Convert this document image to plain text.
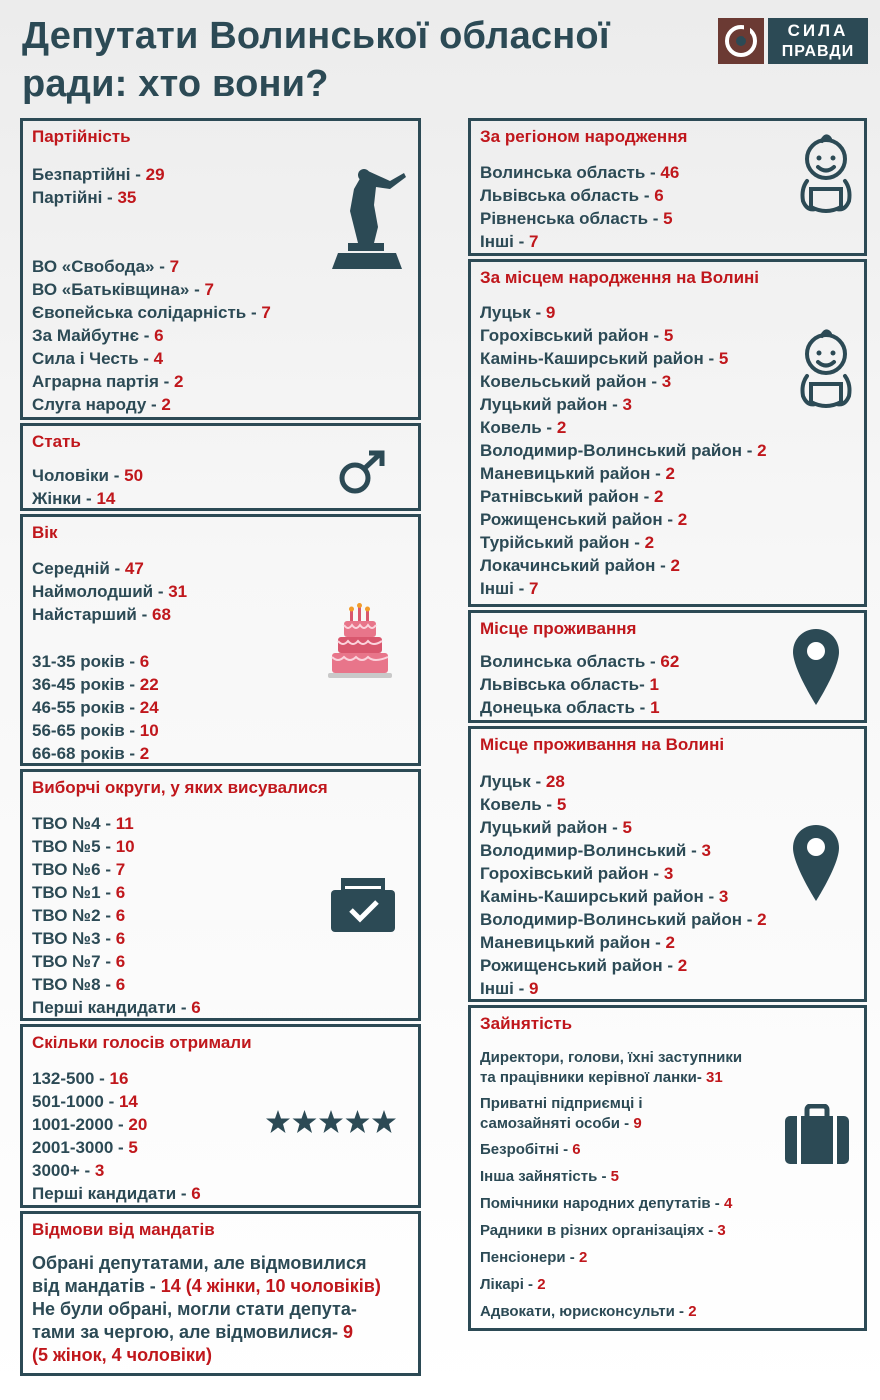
Депутати Волинської обласної ради: хто вони?
СИЛА
ПРАВДИ
Партійність
Безпартійні - 29
Партійні - 35
ВО «Свобода» - 7
ВО «Батьківщина» - 7
Євопейська солідарність - 7
За Майбутнє - 6
Сила і Честь - 4
Аграрна партія - 2
Слуга народу - 2
Стать
Чоловіки - 50
Жінки - 14
Вік
Середній - 47
Наймолодший - 31
Найстарший - 68
31-35 років - 6
36-45 років - 22
46-55 років - 24
56-65 років - 10
66-68 років - 2
Виборчі округи, у яких висувалися
ТВО №4 - 11
ТВО №5 - 10
ТВО №6 - 7
ТВО №1 - 6
ТВО №2 - 6
ТВО №3 - 6
ТВО №7 - 6
ТВО №8 - 6
Перші кандидати - 6
Скільки голосів отримали
132-500 - 16
501-1000 - 14
1001-2000 - 20
2001-3000 - 5
3000+ - 3
Перші кандидати - 6
Відмови від мандатів
Обрані депутатами, але відмовилися
від мандатів - 14 (4 жінки, 10 чоловіків)
Не були обрані, могли стати депута-
тами за чергою, але відмовилися- 9
(5 жінок, 4 чоловіки)
За регіоном народження
Волинська область - 46
Львівська область - 6
Рівненська область - 5
Інші - 7
За місцем народження на Волині
Луцьк - 9
Горохівський район - 5
Камінь-Каширський район - 5
Ковельський район - 3
Луцький район - 3
Ковель - 2
Володимир-Волинський район - 2
Маневицький район - 2
Ратнівський район - 2
Рожищенський район - 2
Турійський район - 2
Локачинський район - 2
Інші - 7
Місце проживання
Волинська область - 62
Львівська область- 1
Донецька область - 1
Місце проживання на Волині
Луцьк - 28
Ковель - 5
Луцький район - 5
Володимир-Волинський - 3
Горохівський район - 3
Камінь-Каширський район - 3
Володимир-Волинський район - 2
Маневицький район - 2
Рожищенський район - 2
Інші - 9
Зайнятість
Директори, голови, їхні заступники
та працівники керівної ланки- 31
Приватні підприємці і
самозайняті особи - 9
Безробітні - 6
Інша зайнятість - 5
Помічники народних депутатів - 4
Радники в різних організаціях - 3
Пенсіонери - 2
Лікарі - 2
Адвокати, юрисконсульти - 2
